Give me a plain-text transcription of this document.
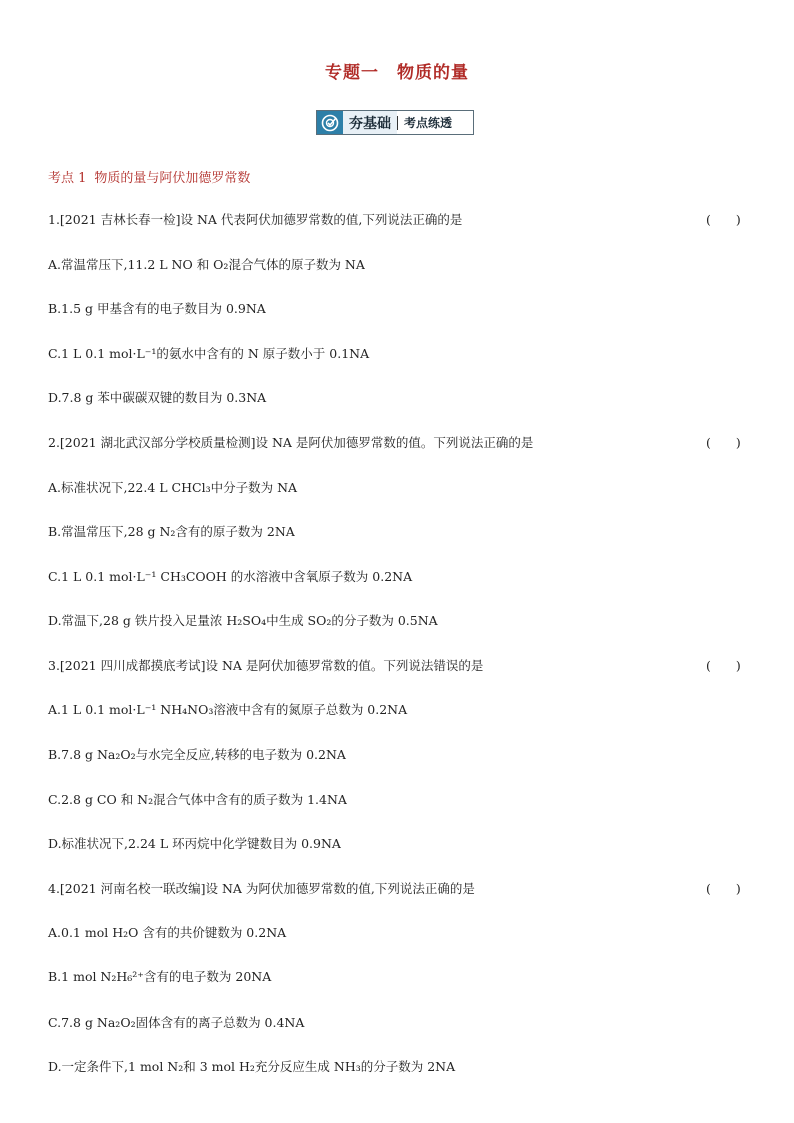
专题一　物质的量
夯基础	考点练透
考点 1 物质的量与阿伏加德罗常数
1.[2021 吉林长春一检]设 NA 代表阿伏加德罗常数的值,下列说法正确的是	(　　)
A.常温常压下,11.2 L NO 和 O₂混合气体的原子数为 NA
B.1.5 g 甲基含有的电子数目为 0.9NA
C.1 L 0.1 mol·L⁻¹的氨水中含有的 N 原子数小于 0.1NA
D.7.8 g 苯中碳碳双键的数目为 0.3NA
2.[2021 湖北武汉部分学校质量检测]设 NA 是阿伏加德罗常数的值。下列说法正确的是	(　　)
A.标准状况下,22.4 L CHCl₃中分子数为 NA
B.常温常压下,28 g N₂含有的原子数为 2NA
C.1 L 0.1 mol·L⁻¹ CH₃COOH 的水溶液中含氧原子数为 0.2NA
D.常温下,28 g 铁片投入足量浓 H₂SO₄中生成 SO₂的分子数为 0.5NA
3.[2021 四川成都摸底考试]设 NA 是阿伏加德罗常数的值。下列说法错误的是	(　　)
A.1 L 0.1 mol·L⁻¹ NH₄NO₃溶液中含有的氮原子总数为 0.2NA
B.7.8 g Na₂O₂与水完全反应,转移的电子数为 0.2NA
C.2.8 g CO 和 N₂混合气体中含有的质子数为 1.4NA
D.标准状况下,2.24 L 环丙烷中化学键数目为 0.9NA
4.[2021 河南名校一联改编]设 NA 为阿伏加德罗常数的值,下列说法正确的是	(　　)
A.0.1 mol H₂O 含有的共价键数为 0.2NA
B.1 mol N₂H₆²⁺含有的电子数为 20NA
C.7.8 g Na₂O₂固体含有的离子总数为 0.4NA
D.一定条件下,1 mol N₂和 3 mol H₂充分反应生成 NH₃的分子数为 2NA
